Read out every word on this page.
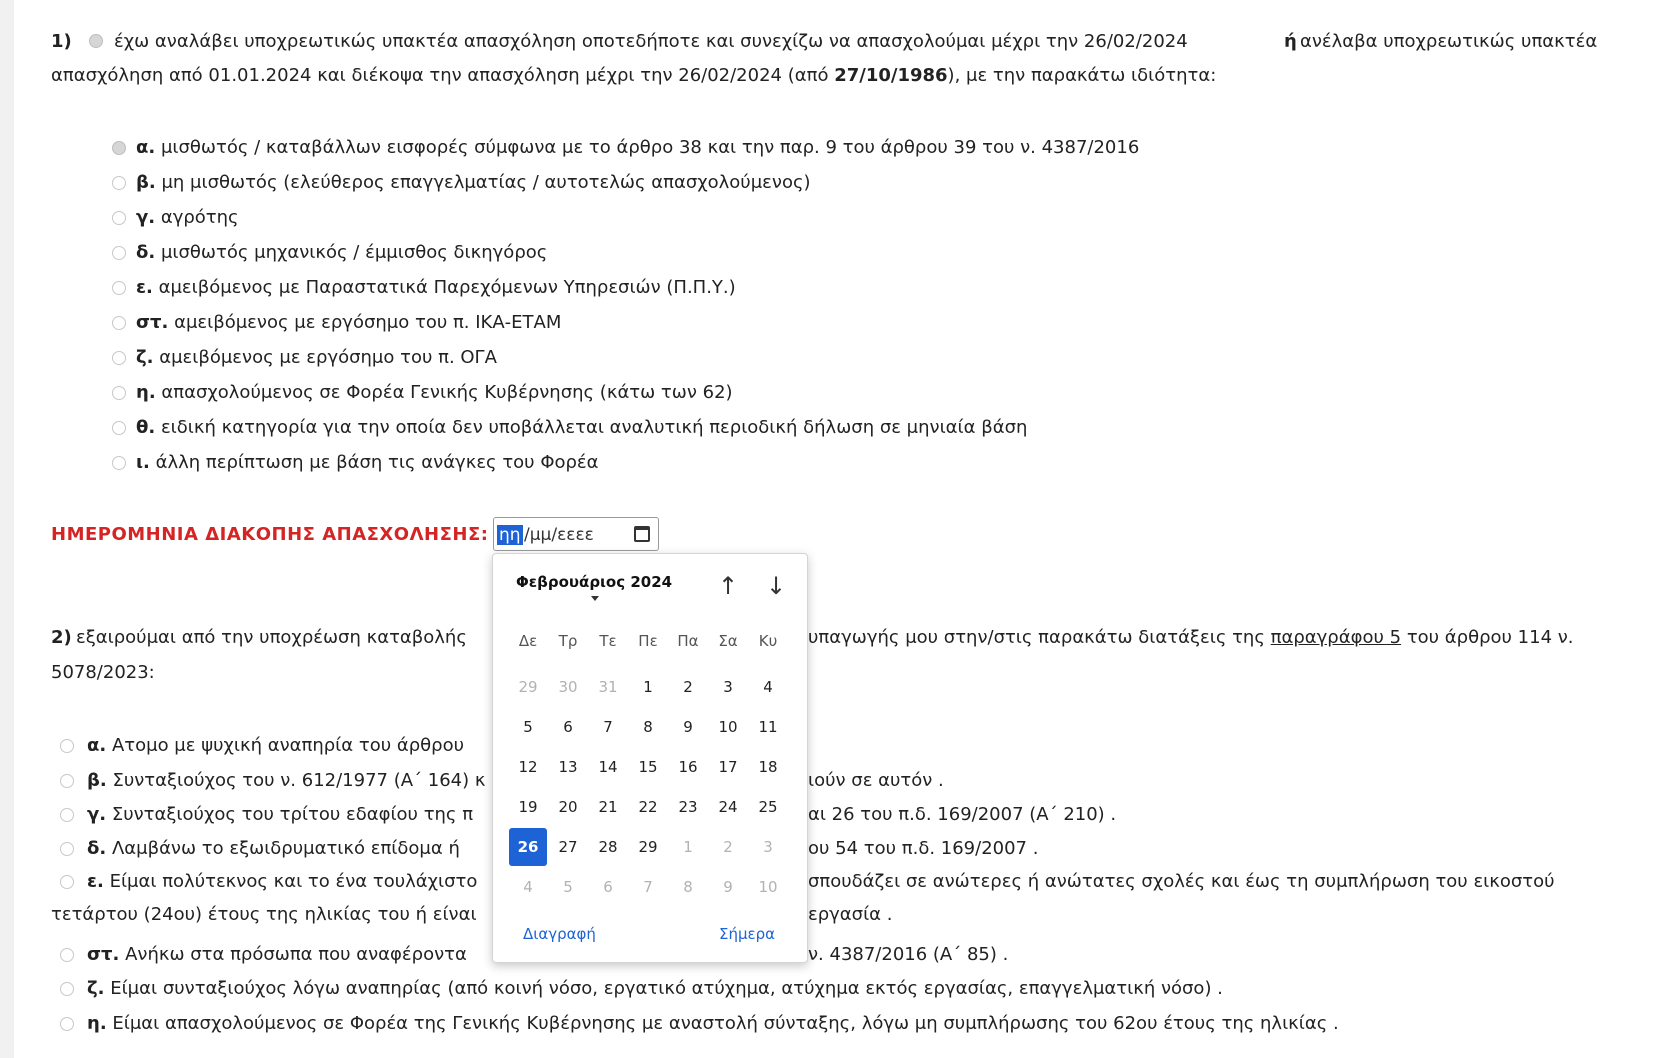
1) έχω αναλάβει υποχρεωτικώς υπακτέα απασχόληση οποτεδήποτε και συνεχίζω να απασχολούμαι μέχρι την 26/02/2024	ή ανέλαβα υποχρεωτικώς υπακτέα
απασχόληση από 01.01.2024 και διέκοψα την απασχόληση μέχρι την 26/02/2024 (από 27/10/1986), με την παρακάτω ιδιότητα:
α. μισθωτός / καταβάλλων εισφορές σύμφωνα με το άρθρο 38 και την παρ. 9 του άρθρου 39 του ν. 4387/2016
β. μη μισθωτός (ελεύθερος επαγγελματίας / αυτοτελώς απασχολούμενος)
γ. αγρότης
δ. μισθωτός μηχανικός / έμμισθος δικηγόρος
ε. αμειβόμενος με Παραστατικά Παρεχόμενων Υπηρεσιών (Π.Π.Υ.)
στ. αμειβόμενος με εργόσημο του π. ΙΚΑ-ΕΤΑΜ
ζ. αμειβόμενος με εργόσημο του π. ΟΓΑ
η. απασχολούμενος σε Φορέα Γενικής Κυβέρνησης (κάτω των 62)
θ. ειδική κατηγορία για την οποία δεν υποβάλλεται αναλυτική περιοδική δήλωση σε μηνιαία βάση
ι. άλλη περίπτωση με βάση τις ανάγκες του Φορέα
ΗΜΕΡΟΜΗΝΙΑ ΔΙΑΚΟΠΗΣ ΑΠΑΣΧΟΛΗΣΗΣ: ηη /μμ/εεεε
2) εξαιρούμαι από την υποχρέωση καταβολής	υπαγωγής μου στην/στις παρακάτω διατάξεις της παραγράφου 5 του άρθρου 114 ν.
5078/2023:
α. Ατομο με ψυχική αναπηρία του άρθρου
β. Συνταξιούχος του ν. 612/1977 (Α΄ 164) κ	ιούν σε αυτόν .
γ. Συνταξιούχος του τρίτου εδαφίου της π	αι 26 του π.δ. 169/2007 (Α΄ 210) .
δ. Λαμβάνω το εξωιδρυματικό επίδομα ή	ου 54 του π.δ. 169/2007 .
ε. Είμαι πολύτεκνος και το ένα τουλάχιστο	σπουδάζει σε ανώτερες ή ανώτατες σχολές και έως τη συμπλήρωση του εικοστού
στ. Ανήκω στα πρόσωπα που αναφέροντα	ν. 4387/2016 (Α΄ 85) .
ζ. Είμαι συνταξιούχος λόγω αναπηρίας (από κοινή νόσο, εργατικό ατύχημα, ατύχημα εκτός εργασίας, επαγγελματική νόσο) .
η. Είμαι απασχολούμενος σε Φορέα της Γενικής Κυβέρνησης με αναστολή σύνταξης, λόγω μη συμπλήρωσης του 62ου έτους της ηλικίας .
τετάρτου (24ου) έτους της ηλικίας του ή είναι	εργασία .
Φεβρουάριος 2024 ↑ ↓
Δε	Τρ	Τε	Πε	Πα	Σα	Κυ
29	30	31	1	2	3	4
5	6	7	8	9	10	11
12	13	14	15	16	17	18
19	20	21	22	23	24	25
26	27	28	29	1	2	3
4	5	6	7	8	9	10
Διαγραφή	Σήμερα
